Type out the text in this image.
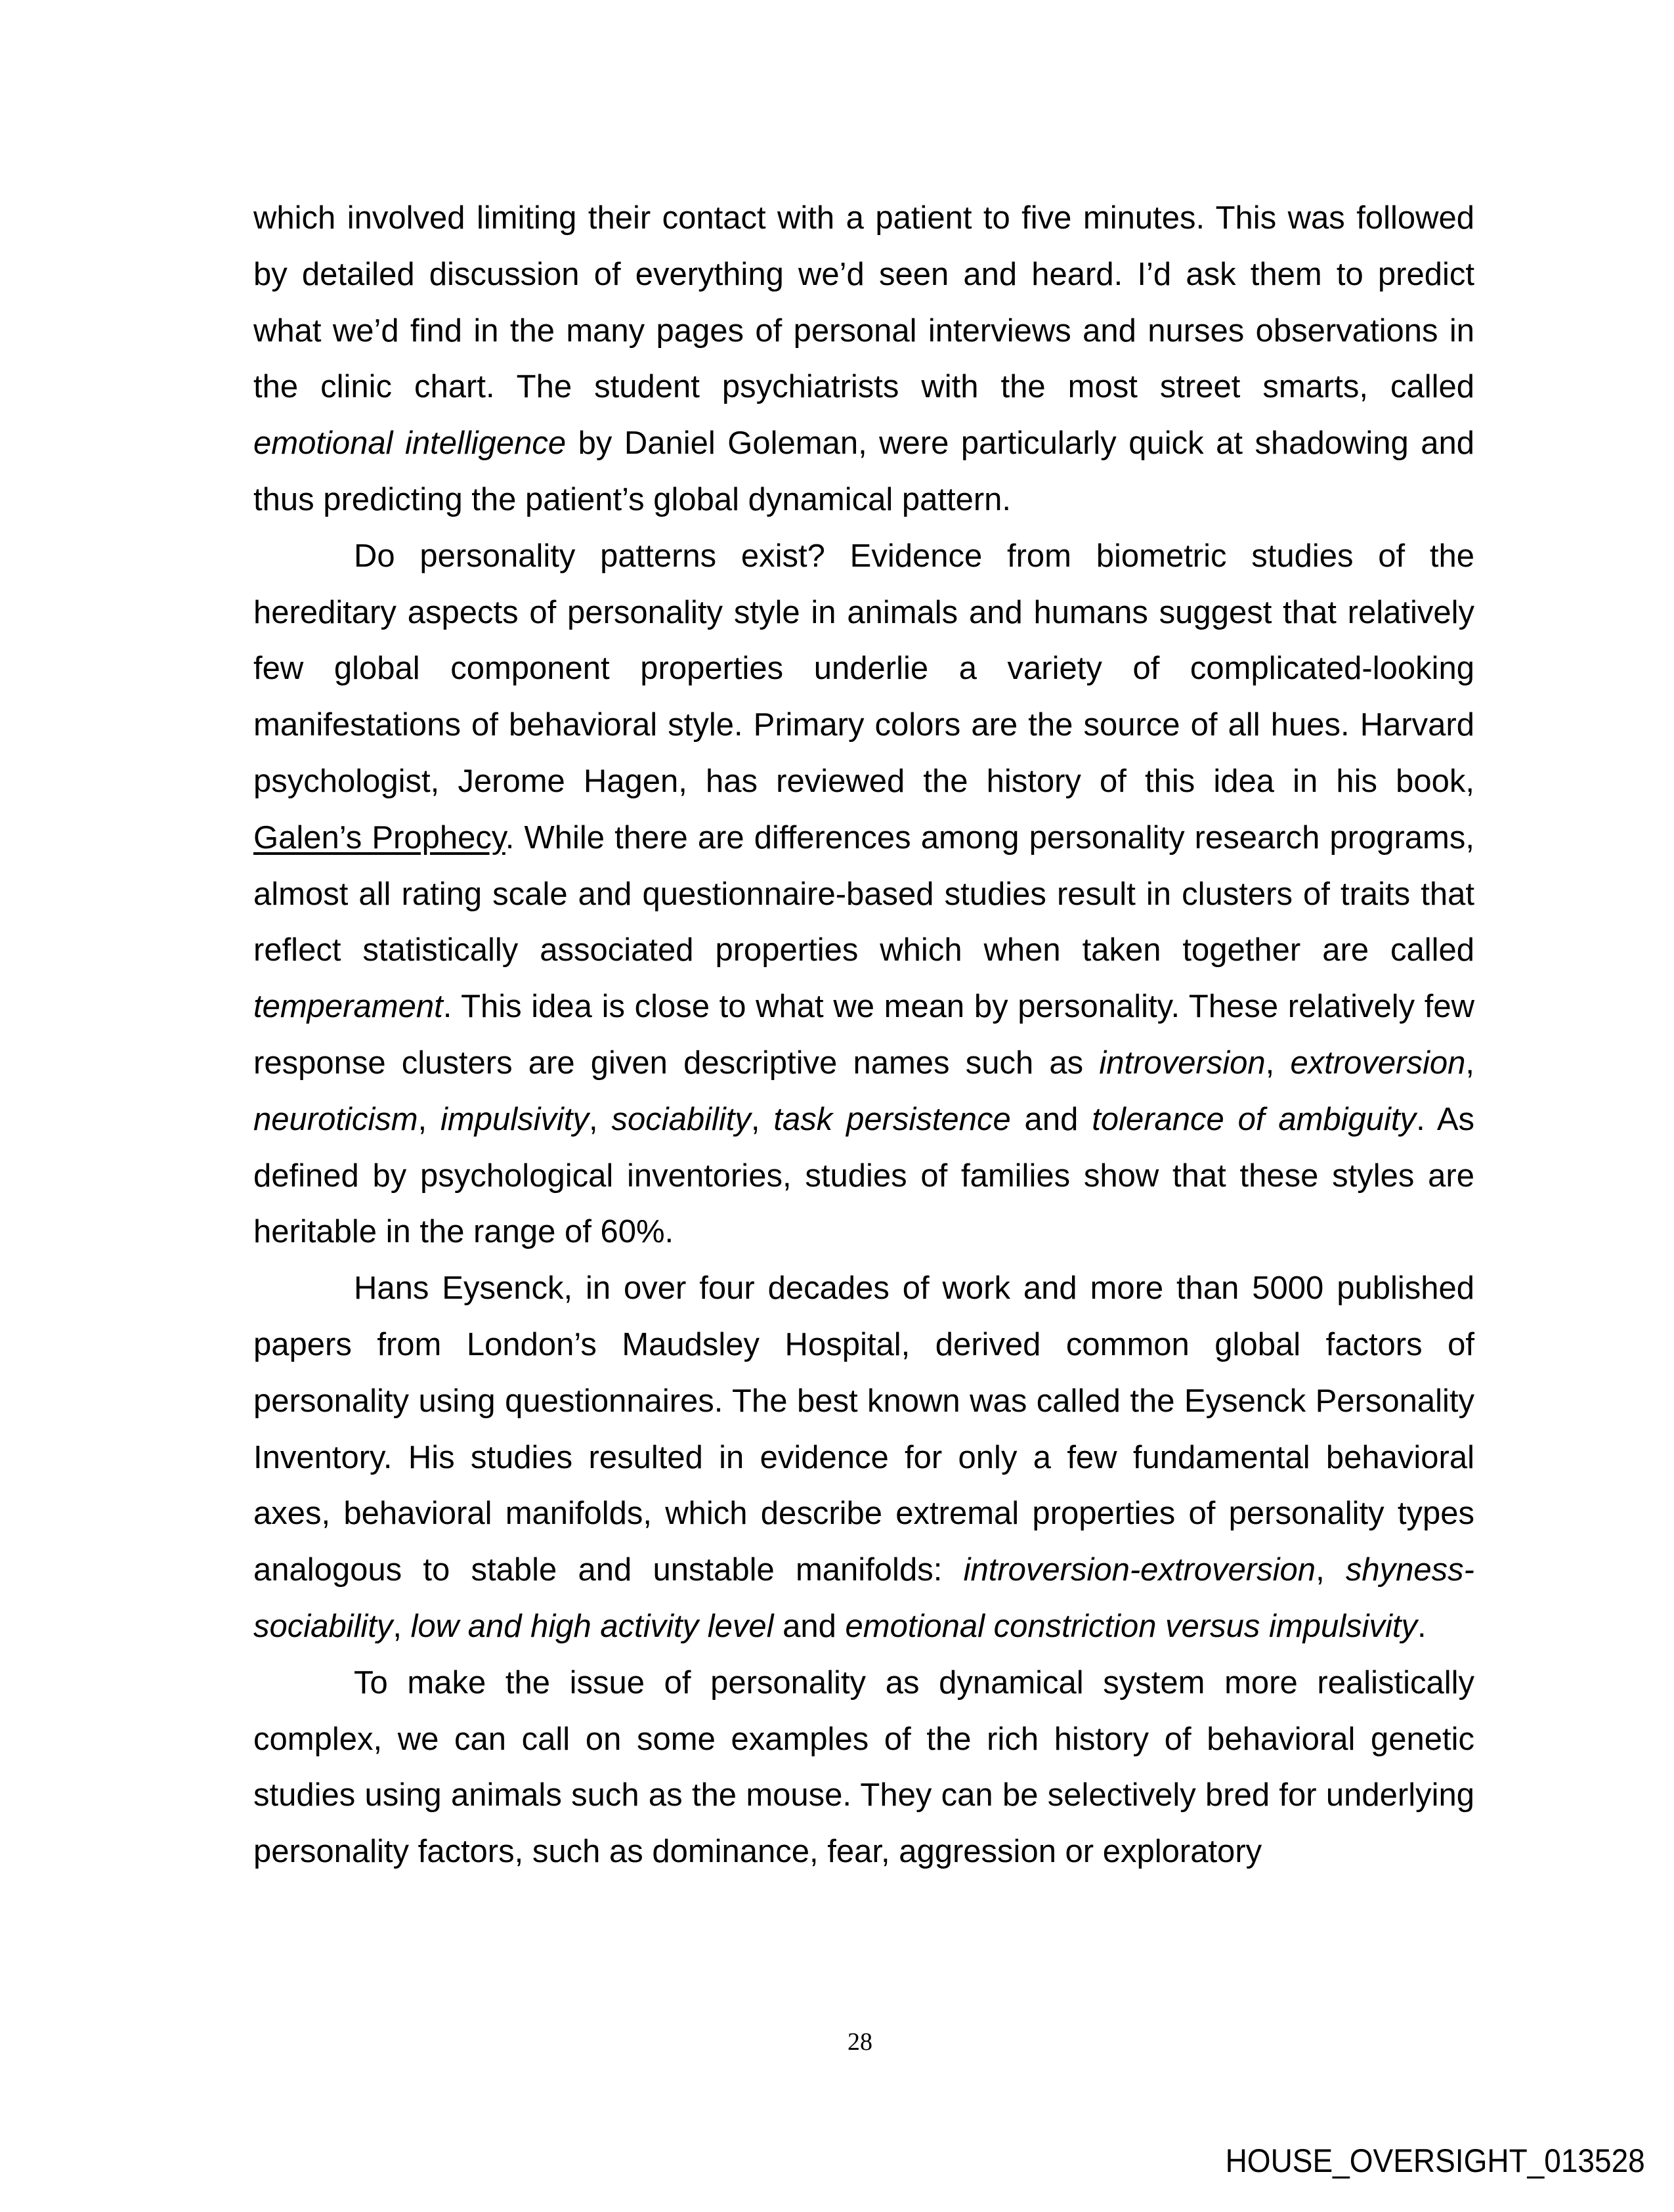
which involved limiting their contact with a patient to five minutes. This was followed by detailed discussion of everything we’d seen and heard. I’d ask them to predict what we’d find in the many pages of personal interviews and nurses observations in the clinic chart. The student psychiatrists with the most street smarts, called emotional intelligence by Daniel Goleman, were particularly quick at shadowing and thus predicting the patient’s global dynamical pattern.

Do personality patterns exist? Evidence from biometric studies of the hereditary aspects of personality style in animals and humans suggest that relatively few global component properties underlie a variety of complicated-looking manifestations of behavioral style. Primary colors are the source of all hues. Harvard psychologist, Jerome Hagen, has reviewed the history of this idea in his book, Galen’s Prophecy. While there are differences among personality research programs, almost all rating scale and questionnaire-based studies result in clusters of traits that reflect statistically associated properties which when taken together are called temperament. This idea is close to what we mean by personality. These relatively few response clusters are given descriptive names such as introversion, extroversion, neuroticism, impulsivity, sociability, task persistence and tolerance of ambiguity. As defined by psychological inventories, studies of families show that these styles are heritable in the range of 60%.

Hans Eysenck, in over four decades of work and more than 5000 published papers from London’s Maudsley Hospital, derived common global factors of personality using questionnaires. The best known was called the Eysenck Personality Inventory. His studies resulted in evidence for only a few fundamental behavioral axes, behavioral manifolds, which describe extremal properties of personality types analogous to stable and unstable manifolds: introversion-extroversion, shyness-sociability, low and high activity level and emotional constriction versus impulsivity.

To make the issue of personality as dynamical system more realistically complex, we can call on some examples of the rich history of behavioral genetic studies using animals such as the mouse. They can be selectively bred for underlying personality factors, such as dominance, fear, aggression or exploratory

28
HOUSE_OVERSIGHT_013528
